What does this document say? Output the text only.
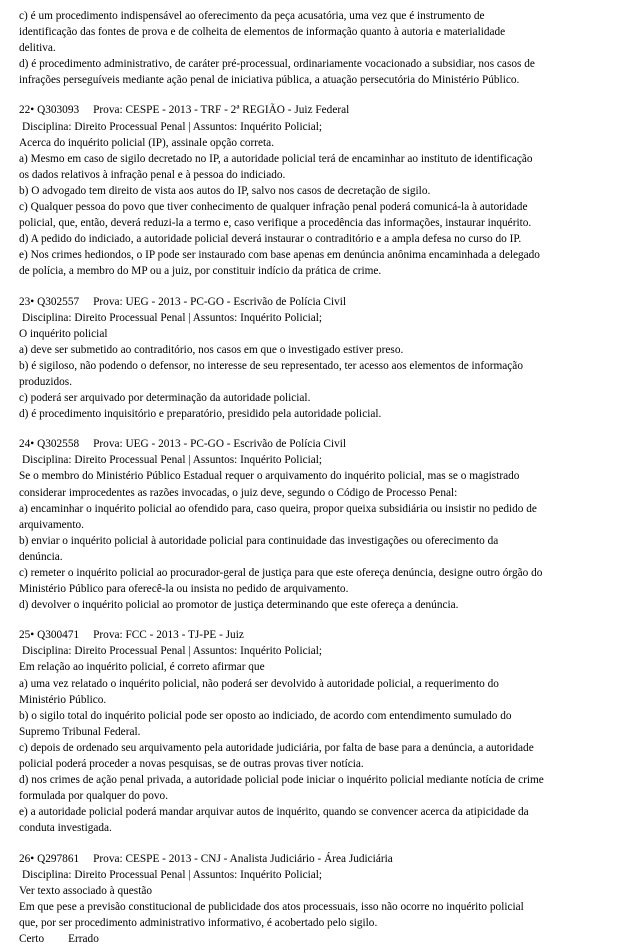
c) é um procedimento indispensável ao oferecimento da peça acusatória, uma vez que é instrumento de
identificação das fontes de prova e de colheita de elementos de informação quanto à autoria e materialidade
delitiva.
d) é procedimento administrativo, de caráter pré-processual, ordinariamente vocacionado a subsidiar, nos casos de
infrações perseguíveis mediante ação penal de iniciativa pública, a atuação persecutória do Ministério Público.
22• Q303093 Prova: CESPE - 2013 - TRF - 2ª REGIÃO - Juiz Federal
Disciplina: Direito Processual Penal | Assuntos: Inquérito Policial;
Acerca do inquérito policial (IP), assinale opção correta.
a) Mesmo em caso de sigilo decretado no IP, a autoridade policial terá de encaminhar ao instituto de identificação
os dados relativos à infração penal e à pessoa do indiciado.
b) O advogado tem direito de vista aos autos do IP, salvo nos casos de decretação de sigilo.
c) Qualquer pessoa do povo que tiver conhecimento de qualquer infração penal poderá comunicá-la à autoridade
policial, que, então, deverá reduzi-la a termo e, caso verifique a procedência das informações, instaurar inquérito.
d) A pedido do indiciado, a autoridade policial deverá instaurar o contraditório e a ampla defesa no curso do IP.
e) Nos crimes hediondos, o IP pode ser instaurado com base apenas em denúncia anônima encaminhada a delegado
de polícia, a membro do MP ou a juiz, por constituir indício da prática de crime.
23• Q302557 Prova: UEG - 2013 - PC-GO - Escrivão de Polícia Civil
Disciplina: Direito Processual Penal | Assuntos: Inquérito Policial;
O inquérito policial
a) deve ser submetido ao contraditório, nos casos em que o investigado estiver preso.
b) é sigiloso, não podendo o defensor, no interesse de seu representado, ter acesso aos elementos de informação
produzidos.
c) poderá ser arquivado por determinação da autoridade policial.
d) é procedimento inquisitório e preparatório, presidido pela autoridade policial.
24• Q302558 Prova: UEG - 2013 - PC-GO - Escrivão de Polícia Civil
Disciplina: Direito Processual Penal | Assuntos: Inquérito Policial;
Se o membro do Ministério Público Estadual requer o arquivamento do inquérito policial, mas se o magistrado
considerar improcedentes as razões invocadas, o juiz deve, segundo o Código de Processo Penal:
a) encaminhar o inquérito policial ao ofendido para, caso queira, propor queixa subsidiária ou insistir no pedido de
arquivamento.
b) enviar o inquérito policial à autoridade policial para continuidade das investigações ou oferecimento da
denúncia.
c) remeter o inquérito policial ao procurador-geral de justiça para que este ofereça denúncia, designe outro órgão do
Ministério Público para oferecê-la ou insista no pedido de arquivamento.
d) devolver o inquérito policial ao promotor de justiça determinando que este ofereça a denúncia.
25• Q300471 Prova: FCC - 2013 - TJ-PE - Juiz
Disciplina: Direito Processual Penal | Assuntos: Inquérito Policial;
Em relação ao inquérito policial, é correto afirmar que
a) uma vez relatado o inquérito policial, não poderá ser devolvido à autoridade policial, a requerimento do
Ministério Público.
b) o sigilo total do inquérito policial pode ser oposto ao indiciado, de acordo com entendimento sumulado do
Supremo Tribunal Federal.
c) depois de ordenado seu arquivamento pela autoridade judiciária, por falta de base para a denúncia, a autoridade
policial poderá proceder a novas pesquisas, se de outras provas tiver notícia.
d) nos crimes de ação penal privada, a autoridade policial pode iniciar o inquérito policial mediante notícia de crime
formulada por qualquer do povo.
e) a autoridade policial poderá mandar arquivar autos de inquérito, quando se convencer acerca da atipicidade da
conduta investigada.
26• Q297861 Prova: CESPE - 2013 - CNJ - Analista Judiciário - Área Judiciária
Disciplina: Direito Processual Penal | Assuntos: Inquérito Policial;
Ver texto associado à questão
Em que pese a previsão constitucional de publicidade dos atos processuais, isso não ocorre no inquérito policial
que, por ser procedimento administrativo informativo, é acobertado pelo sigilo.
Certo Errado
